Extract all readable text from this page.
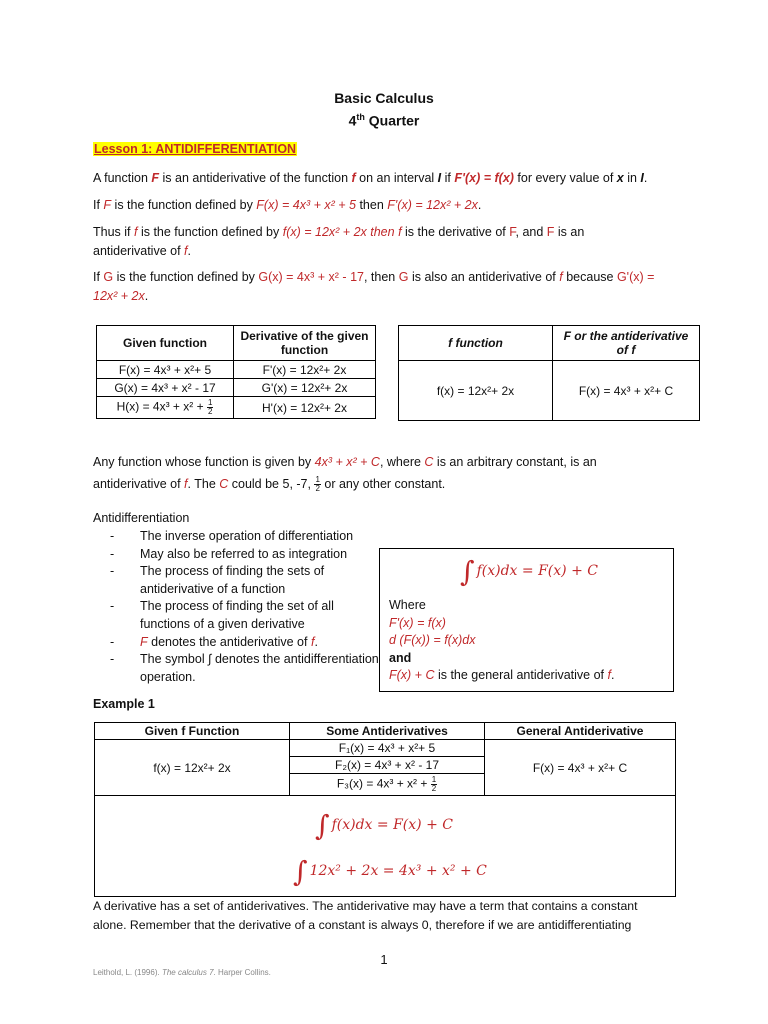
Basic Calculus
4th Quarter
Lesson 1: ANTIDIFFERENTIATION

A function F is an antiderivative of the function f on an interval I if F'(x) = f(x) for every value of x in I.

If F is the function defined by F(x) = 4x³ + x² + 5 then F'(x) = 12x² + 2x.

Thus if f is the function defined by f(x) = 12x² + 2x then f is the derivative of F, and F is an
antiderivative of f.

If G is the function defined by G(x) = 4x³ + x² - 17, then G is also an antiderivative of f because G'(x) =
12x² + 2x.

Given function	Derivative of the given function
F(x) = 4x³ + x²+ 5	F'(x) = 12x²+ 2x
G(x) = 4x³ + x² - 17	G'(x) = 12x²+ 2x
$H(x) = 4x^3 + x^2 + \frac{1}{2}$	H'(x) = 12x²+ 2x
f function	F or the antiderivative of f
f(x) = 12x²+ 2x	F(x) = 4x³ + x²+ C

Any function whose function is given by 4x³ + x² + C, where C is an arbitrary constant, is an
antiderivative of f. The C could be 5, -7, $\frac{1}{2}$ or any other constant.

Antidifferentiation
- The inverse operation of differentiation
- May also be referred to as integration
- The process of finding the sets of antiderivative of a function
- The process of finding the set of all functions of a given derivative
- F denotes the antiderivative of f.
- The symbol ∫ denotes the antidifferentiation operation.
∫ f(x)dx = F(x) + C
Where
F'(x) = f(x)
d (F(x)) = f(x)dx
and
F(x) + C is the general antiderivative of f.
Example 1
Given f Function	Some Antiderivatives	General Antiderivative
f(x) = 12x²+ 2x	F₁(x) = 4x³ + x²+ 5	F(x) = 4x³ + x²+ C
	F₂(x) = 4x³ + x² - 17	
	$F_3(x) = 4x^3 + x^2 + \frac{1}{2}$
∫ f(x)dx = F(x) + C
∫ 12x² + 2x = 4x³ + x² + C

A derivative has a set of antiderivatives. The antiderivative may have a term that contains a constant
alone. Remember that the derivative of a constant is always 0, therefore if we are antidifferentiating

1
Leithold, L. (1996). The calculus 7. Harper Collins.
